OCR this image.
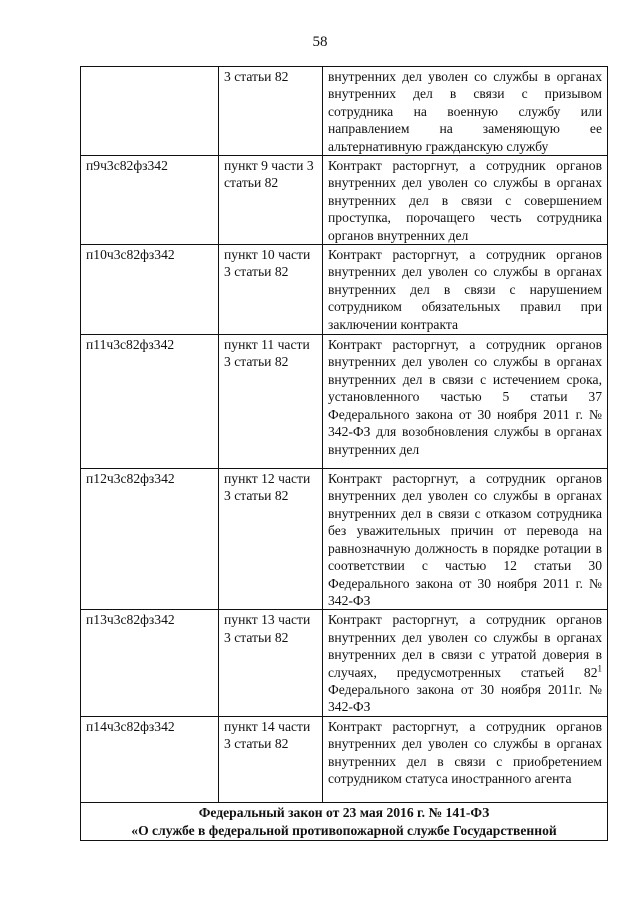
58
	3 статьи 82	внутренних дел уволен со службы в органах внутренних дел в связи с призывом сотрудника на военную службу или направлением на заменяющую ее альтернативную гражданскую службу
п9ч3с82фз342	пункт 9 части 3 статьи 82	Контракт расторгнут, а сотрудник органов внутренних дел уволен со службы в органах внутренних дел в связи с совершением проступка, порочащего честь сотрудника органов внутренних дел
п10ч3с82фз342	пункт 10 части 3 статьи 82	Контракт расторгнут, а сотрудник органов внутренних дел уволен со службы в органах внутренних дел в связи с нарушением сотрудником обязательных правил при заключении контракта
п11ч3с82фз342	пункт 11 части 3 статьи 82	Контракт расторгнут, а сотрудник органов внутренних дел уволен со службы в органах внутренних дел в связи с истечением срока, установленного частью 5 статьи 37 Федерального закона от 30 ноября 2011 г. № 342-ФЗ для возобновления службы в органах внутренних дел
п12ч3с82фз342	пункт 12 части 3 статьи 82	Контракт расторгнут, а сотрудник органов внутренних дел уволен со службы в органах внутренних дел в связи с отказом сотрудника без уважительных причин от перевода на равнозначную должность в порядке ротации в соответствии с частью 12 статьи 30 Федерального закона от 30 ноября 2011 г. № 342-ФЗ
п13ч3с82фз342	пункт 13 части 3 статьи 82	Контракт расторгнут, а сотрудник органов внутренних дел уволен со службы в органах внутренних дел в связи с утратой доверия в случаях, предусмотренных статьей $82^1$ Федерального закона от 30 ноября 2011г. № 342-ФЗ
п14ч3с82фз342	пункт 14 части 3 статьи 82	Контракт расторгнут, а сотрудник органов внутренних дел уволен со службы в органах внутренних дел в связи с приобретением сотрудником статуса иностранного агента

Федеральный закон от 23 мая 2016 г. № 141-ФЗ
«О службе в федеральной противопожарной службе Государственной		
